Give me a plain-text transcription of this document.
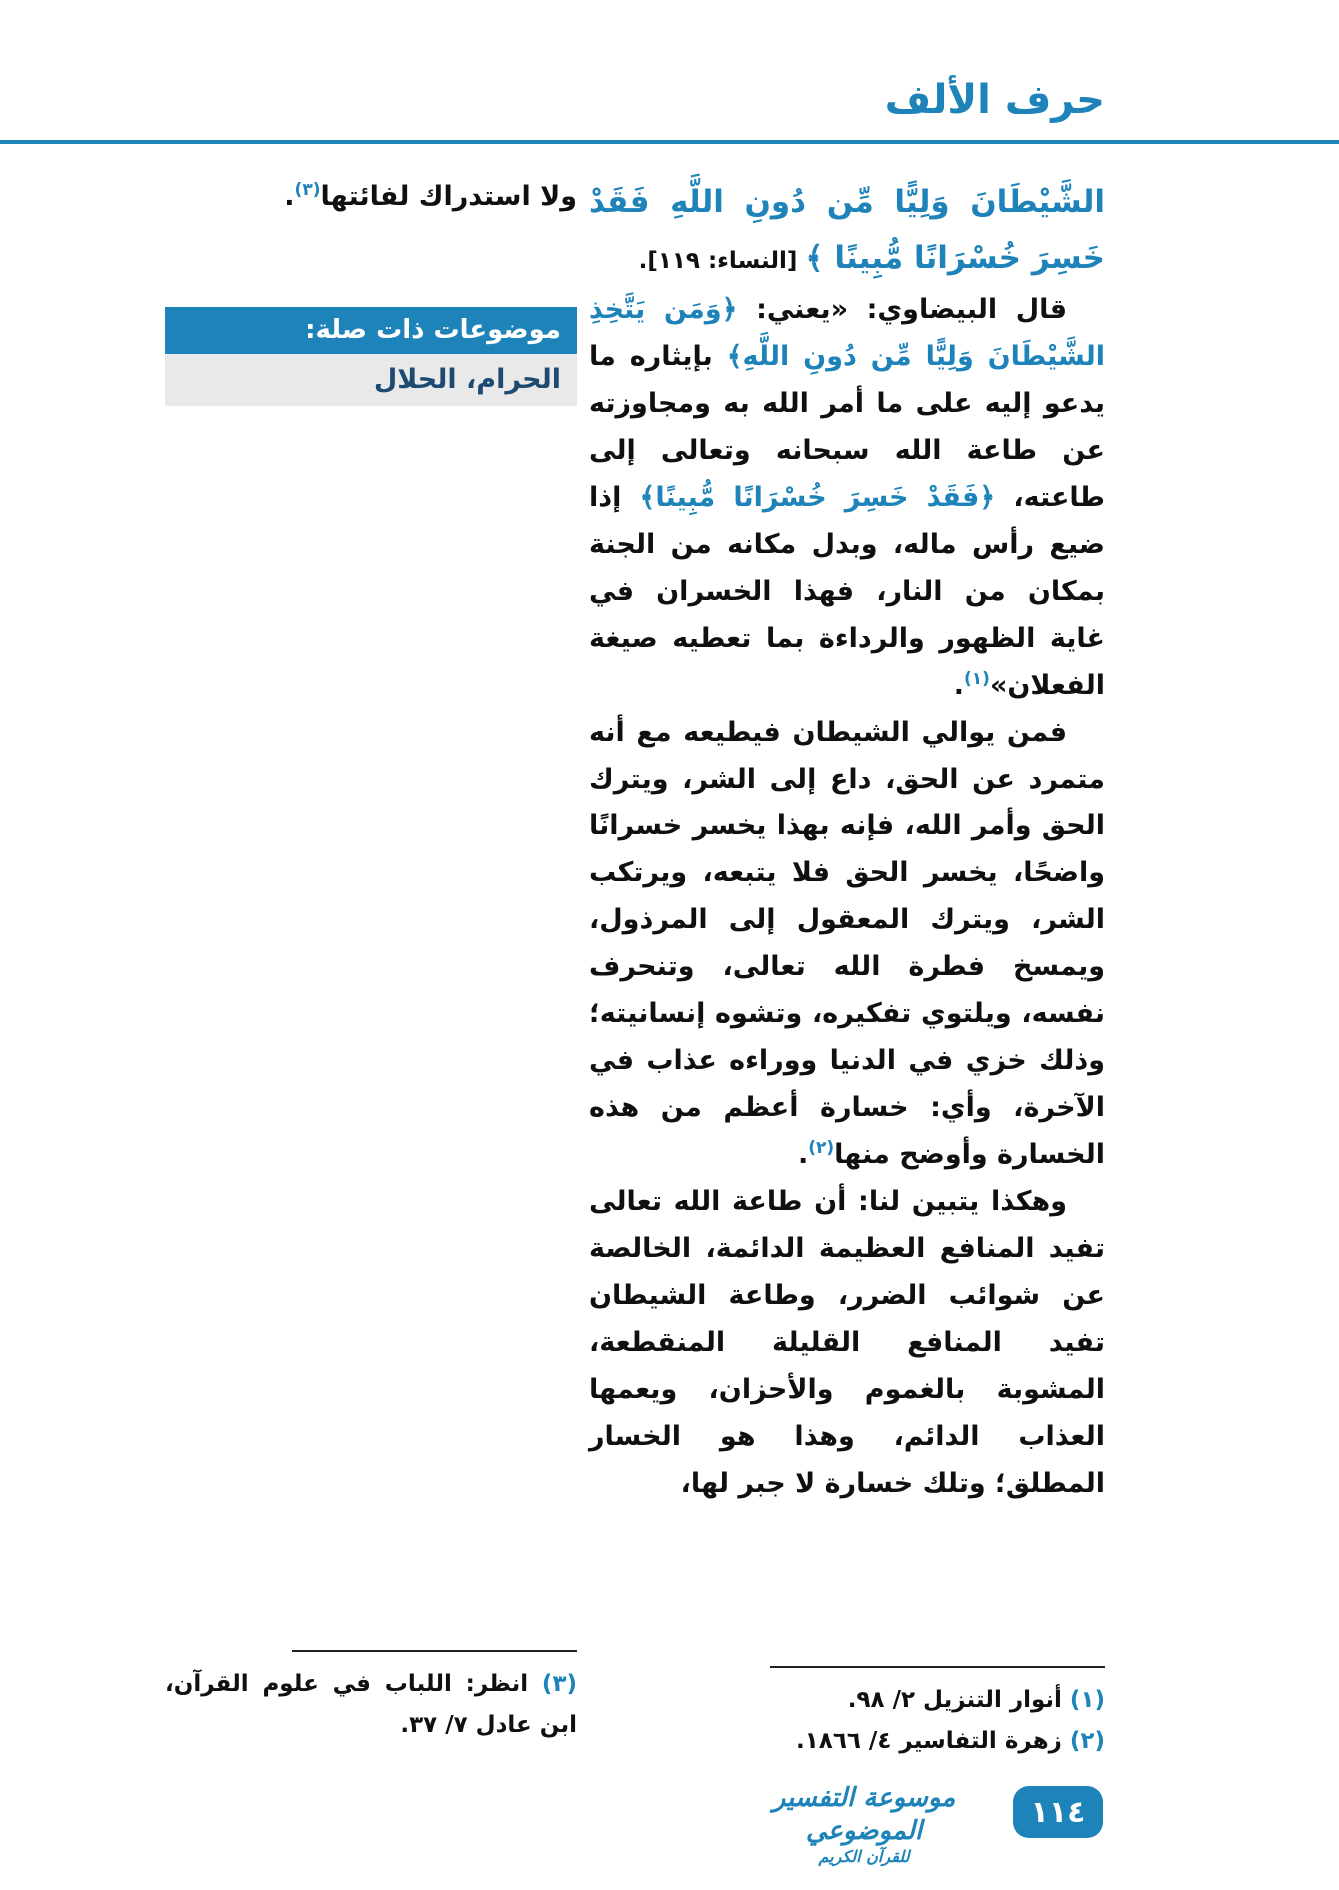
حرف الألف

الشَّيْطَانَ وَلِيًّا مِّن دُونِ اللَّهِ فَقَدْ خَسِرَ خُسْرَانًا مُّبِينًا ﴾ [النساء: ١١٩].

قال البيضاوي: «يعني: ﴿وَمَن يَتَّخِذِ الشَّيْطَانَ وَلِيًّا مِّن دُونِ اللَّهِ﴾ بإيثاره ما يدعو إليه على ما أمر الله به ومجاوزته عن طاعة الله سبحانه وتعالى إلى طاعته، ﴿فَقَدْ خَسِرَ خُسْرَانًا مُّبِينًا﴾ إذا ضيع رأس ماله، وبدل مكانه من الجنة بمكان من النار، فهذا الخسران في غاية الظهور والرداءة بما تعطيه صيغة الفعلان»$^{(١)}$.

فمن يوالي الشيطان فيطيعه مع أنه متمرد عن الحق، داع إلى الشر، ويترك الحق وأمر الله، فإنه بهذا يخسر خسرانًا واضحًا، يخسر الحق فلا يتبعه، ويرتكب الشر، ويترك المعقول إلى المرذول، ويمسخ فطرة الله تعالى، وتنحرف نفسه، ويلتوي تفكيره، وتشوه إنسانيته؛ وذلك خزي في الدنيا ووراءه عذاب في الآخرة، وأي: خسارة أعظم من هذه الخسارة وأوضح منها$^{(٢)}$.

وهكذا يتبين لنا: أن طاعة الله تعالى تفيد المنافع العظيمة الدائمة، الخالصة عن شوائب الضرر، وطاعة الشيطان تفيد المنافع القليلة المنقطعة، المشوبة بالغموم والأحزان، ويعمها العذاب الدائم، وهذا هو الخسار المطلق؛ وتلك خسارة لا جبر لها،

ولا استدراك لفائتها$^{(٣)}$.

موضوعات ذات صلة:
الحرام، الحلال
(١) أنوار التنزيل ٢/ ٩٨.
(٢) زهرة التفاسير ٤/ ١٨٦٦.
(٣) انظر: اللباب في علوم القرآن، ابن عادل ٧/ ٣٧.
موسوعة التفسير الموضوعي
للقرآن الكريم
١١٤
